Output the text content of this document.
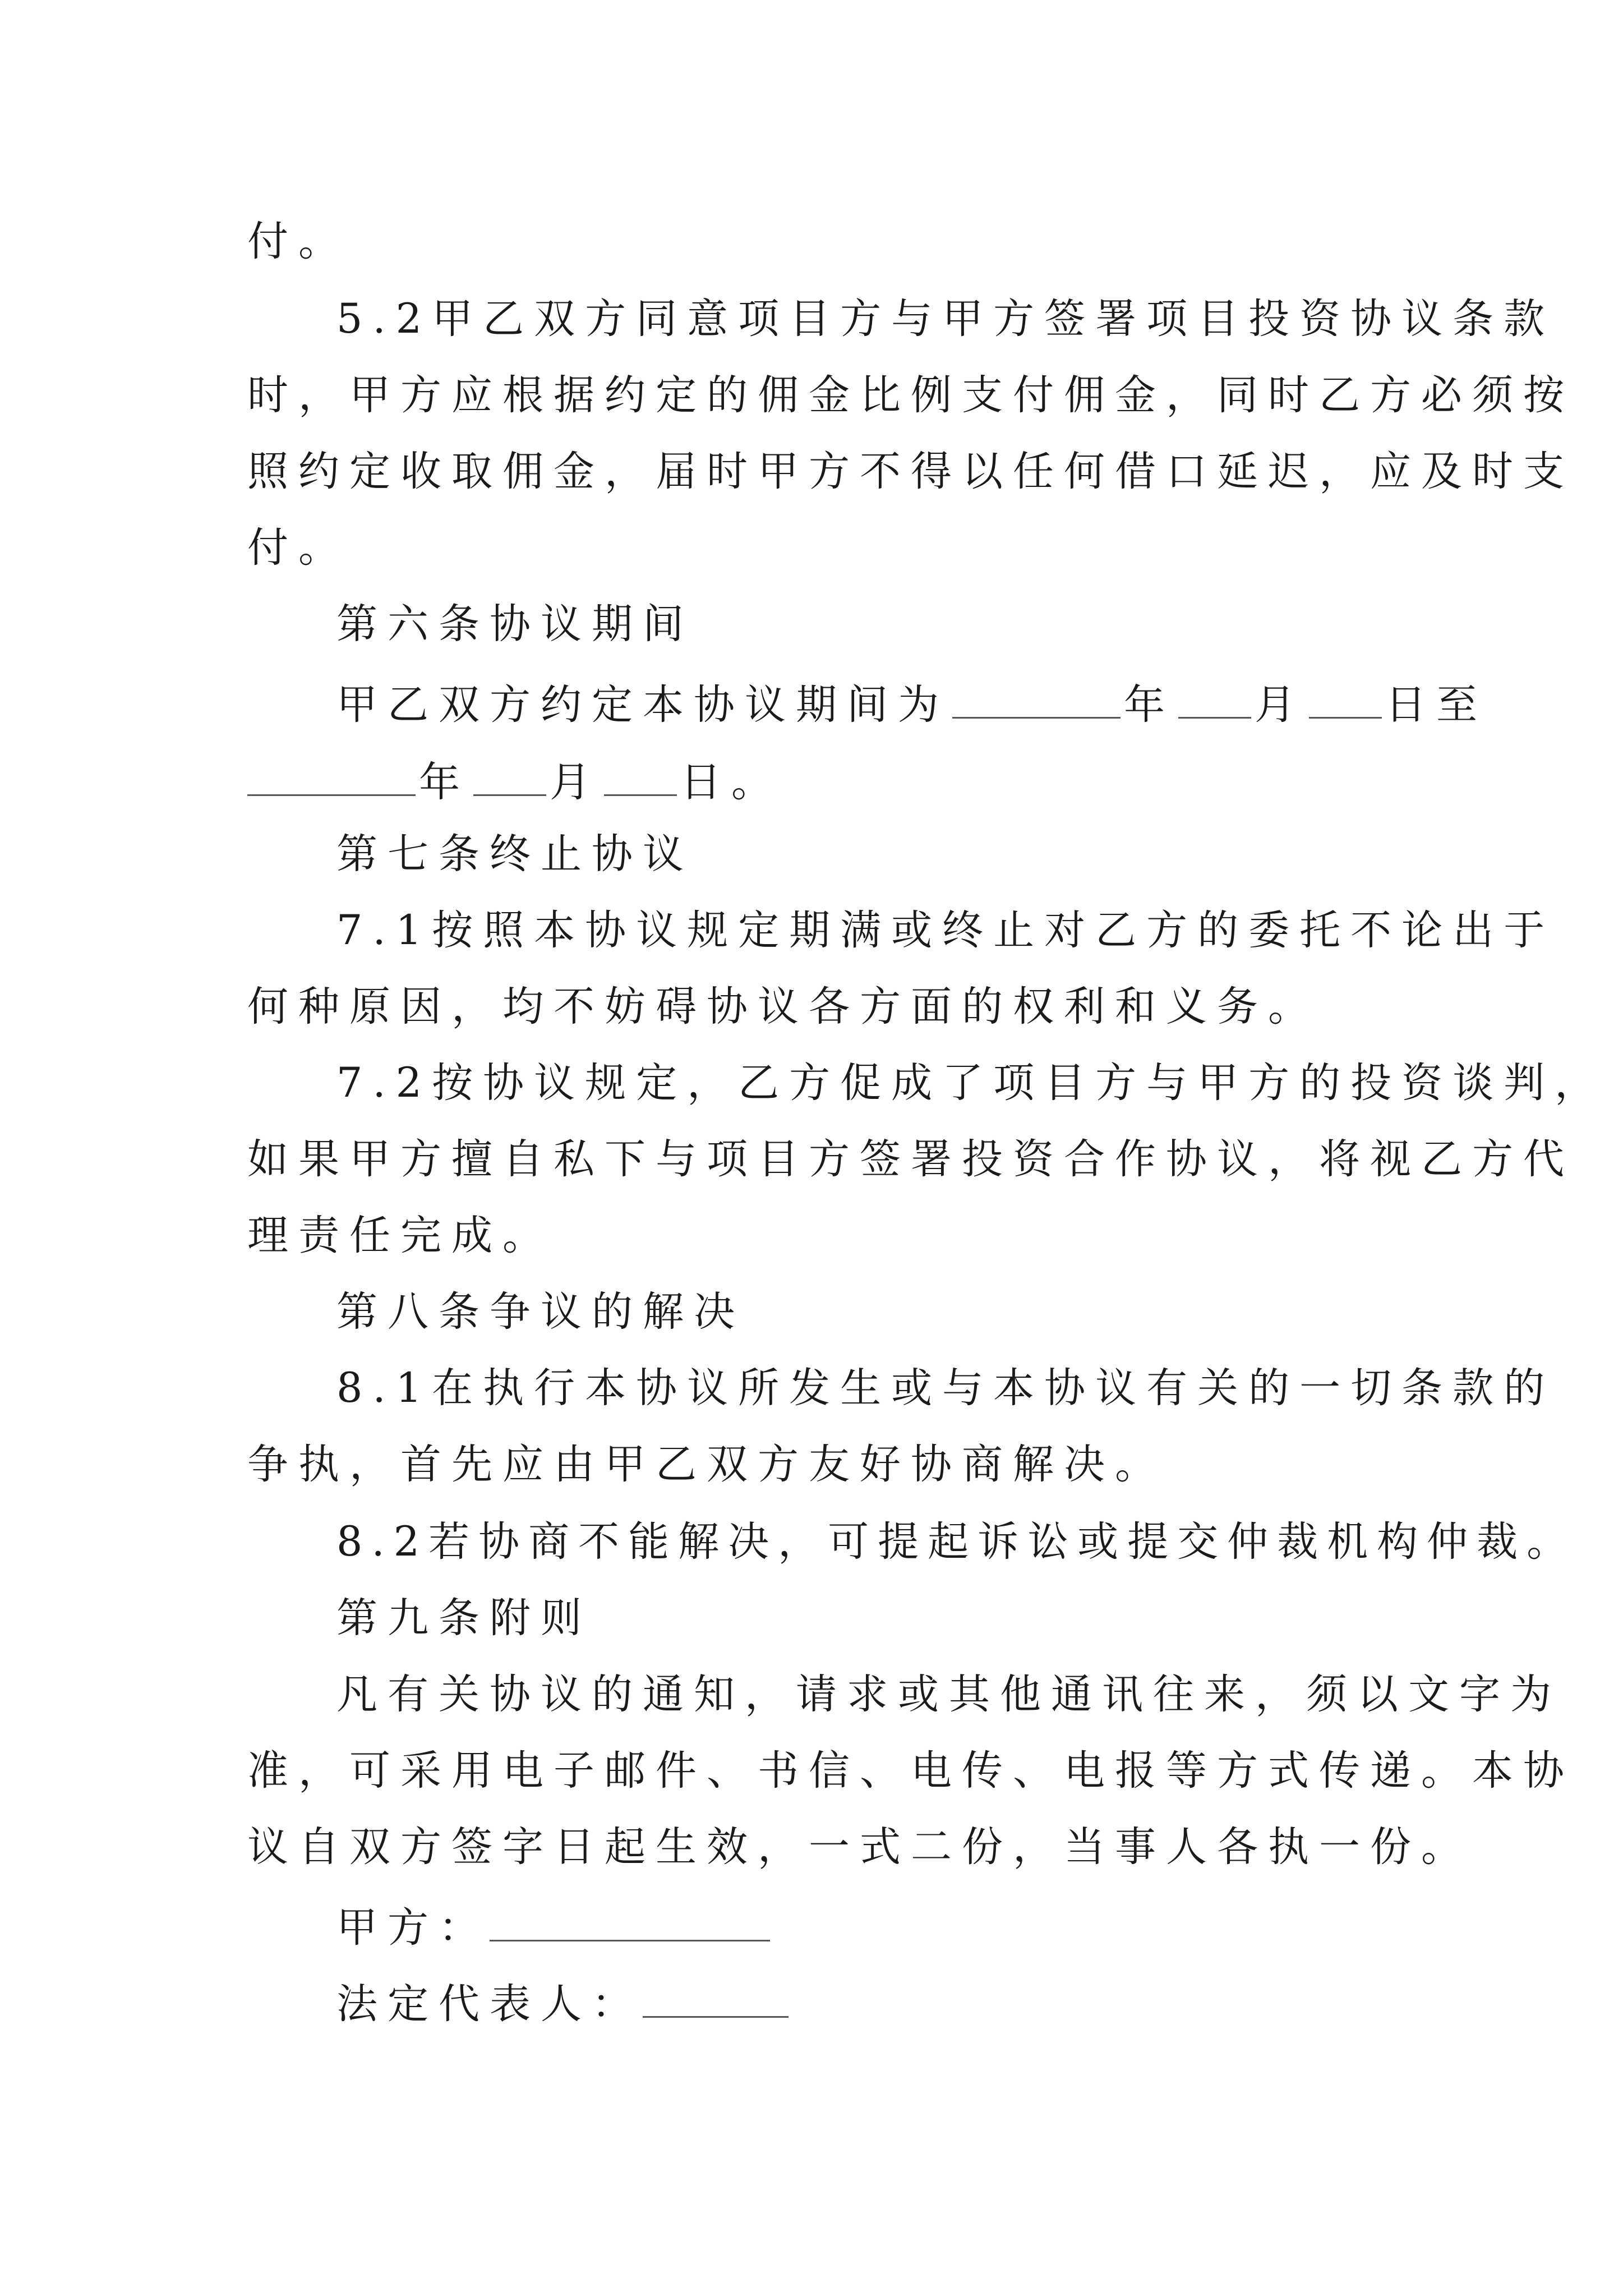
付。
5.2甲乙双方同意项目方与甲方签署项目投资协议条款
时，甲方应根据约定的佣金比例支付佣金，同时乙方必须按
照约定收取佣金，届时甲方不得以任何借口延迟，应及时支
付。
第六条协议期间
甲乙双方约定本协议期间为	年 月 日至
年 月 日。
第七条终止协议
7.1按照本协议规定期满或终止对乙方的委托不论出于
何种原因，均不妨碍协议各方面的权利和义务。
7.2按协议规定，乙方促成了项目方与甲方的投资谈判，
如果甲方擅自私下与项目方签署投资合作协议，将视乙方代
理责任完成。
第八条争议的解决
8.1在执行本协议所发生或与本协议有关的一切条款的
争执，首先应由甲乙双方友好协商解决。
8.2若协商不能解决，可提起诉讼或提交仲裁机构仲裁。
第九条附则
凡有关协议的通知，请求或其他通讯往来，须以文字为
准，可采用电子邮件、书信、电传、电报等方式传递。本协
议自双方签字日起生效，一式二份，当事人各执一份。
甲方：
法定代表人：
